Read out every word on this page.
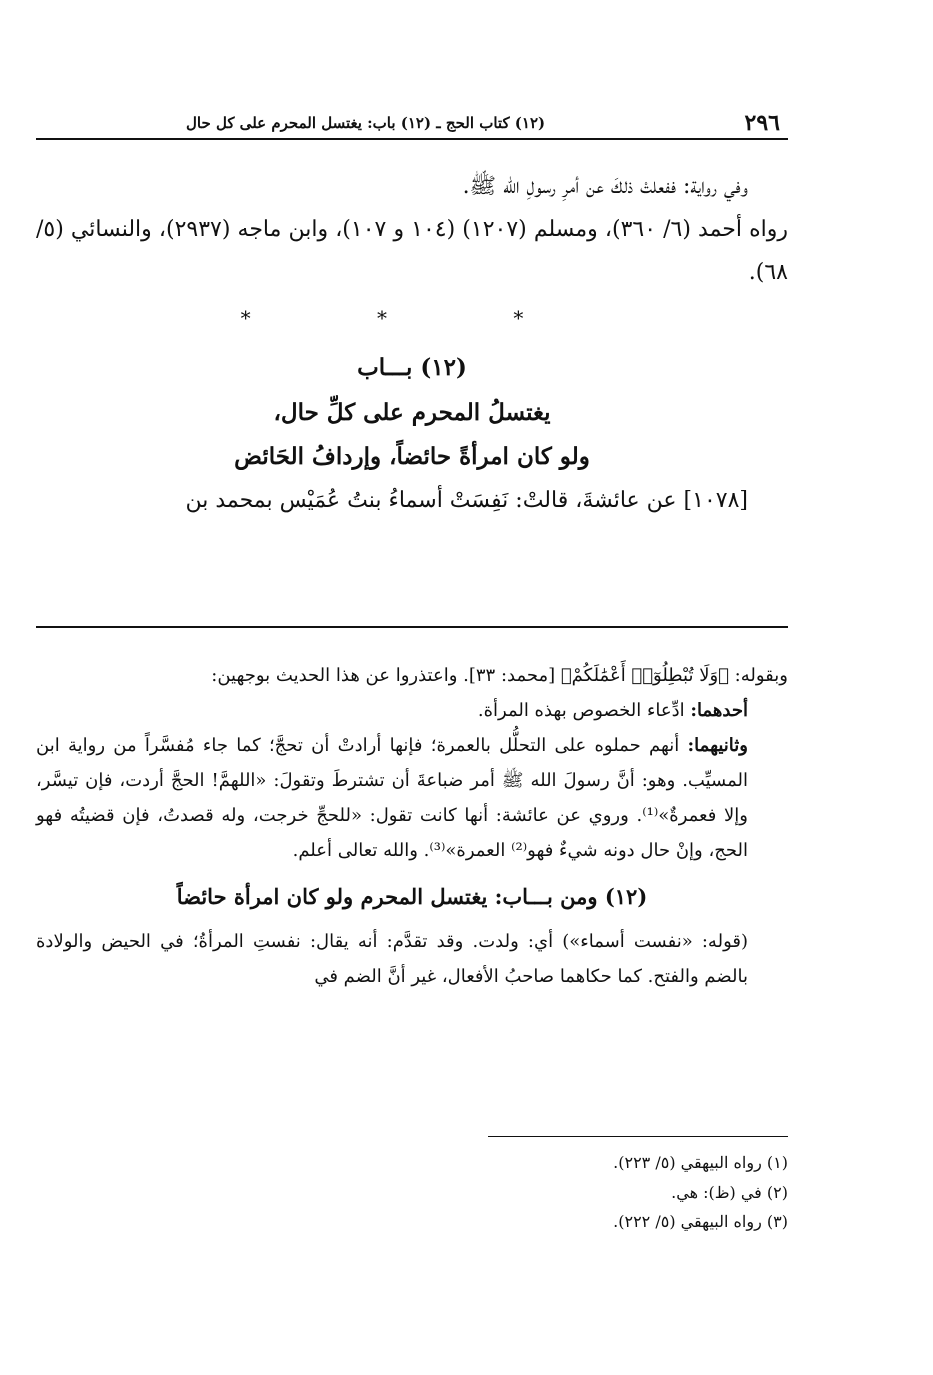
٢٩٦
(١٢) كتاب الحج ـ (١٢) باب: يغتسل المحرم على كل حال

وفي رواية: ففعلتْ ذلكَ عن أمرِ رسولِ الله ﷺ.

رواه أحمد (٦/ ٣٦٠)، ومسلم (١٢٠٧) (١٠٤ و ١٠٧)، وابن ماجه (٢٩٣٧)، والنسائي (٥/ ٦٨).

* * *
(١٢) بـــاب
يغتسلُ المحرم على كلِّ حال،
ولو كان امرأةً حائضاً، وإردافُ الحَائض

[١٠٧٨] عن عائشةَ، قالتْ: نَفِسَتْ أسماءُ بنتُ عُمَيْس بمحمد بن

وبقوله: ﴿وَلَا تُبْطِلُوٓا۟ أَعْمَٰلَكُمْ﴾ [محمد: ٣٣]. واعتذروا عن هذا الحديث بوجهين:

أحدهما: ادِّعاء الخصوص بهذه المرأة.

وثانيهما: أنهم حملوه على التحلُّل بالعمرة؛ فإنها أرادتْ أن تحجَّ؛ كما جاء مُفسَّراً من رواية ابن المسيِّب. وهو: أنَّ رسولَ الله ﷺ أمر ضباعةَ أن تشترطَ وتقولَ: «اللهمَّ! الحجَّ أردت، فإن تيسَّر، وإلا فعمرةٌ»⁽¹⁾. وروي عن عائشة: أنها كانت تقول: «للحجِّ خرجت، وله قصدتُ، فإن قضيتُه فهو الحج، وإنْ حال دونه شيءٌ فهو⁽²⁾ العمرة»⁽³⁾. والله تعالى أعلم.

(١٢) ومن بـــاب: يغتسل المحرم ولو كان امرأة حائضاً

(قوله: «نفست أسماء») أي: ولدت. وقد تقدَّم: أنه يقال: نفستِ المرأةُ؛ في الحيض والولادة بالضم والفتح. كما حكاهما صاحبُ الأفعال، غير أنَّ الضم في

(١) رواه البيهقي (٥/ ٢٢٣).
(٢) في (ظ): هي.
(٣) رواه البيهقي (٥/ ٢٢٢).
